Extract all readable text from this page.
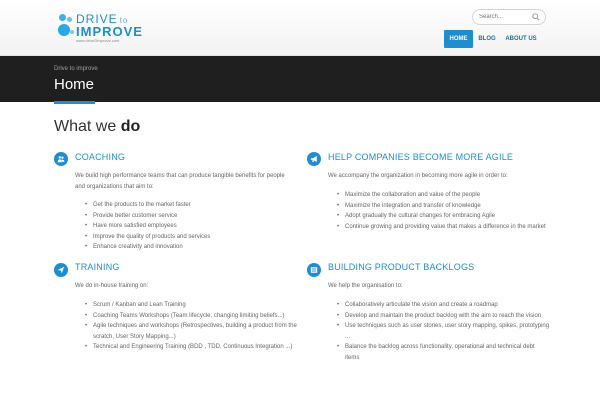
DRIVE to
IMPROVE
www.drive2improve.com
Search...	HOME	BLOG	ABOUT US
Drive to improve
Home
What we do
COACHING
We build high performance teams that can produce tangible benefits for people and organizations that aim to:
• Get the products to the market faster
• Provide better customer service
• Have more satisfied employees
• Improve the quality of products and services
• Enhance creativity and innovation
HELP COMPANIES BECOME MORE AGILE
We accompany the organization in becoming more agile in order to:
• Maximize the collaboration and value of the people
• Maximize the integration and transfer of knowledge
• Adopt gradually the cultural changes for embracing Agile
• Continue growing and providing value that makes a difference in the market
TRAINING
We do in-house training on:
• Scrum / Kanban and Lean Training
• Coaching Teams Workshops (Team lifecycle, changing limiting beliefs...)
• Agile techniques and workshops (Retrospectives, building a product from the scratch, User Story Mapping...)
• Technical and Engineering Training (BDD , TDD, Continuous Integration ...)
BUILDING PRODUCT BACKLOGS
We help the organisation to:
• Collaboratively articulate the vision and create a roadmap
• Develop and maintain the product backlog with the aim to reach the vision
• Use techniques such as user stories, user story mapping, spikes, prototyping ...
• Balance the backlog across functionality, operational and technical debt items
